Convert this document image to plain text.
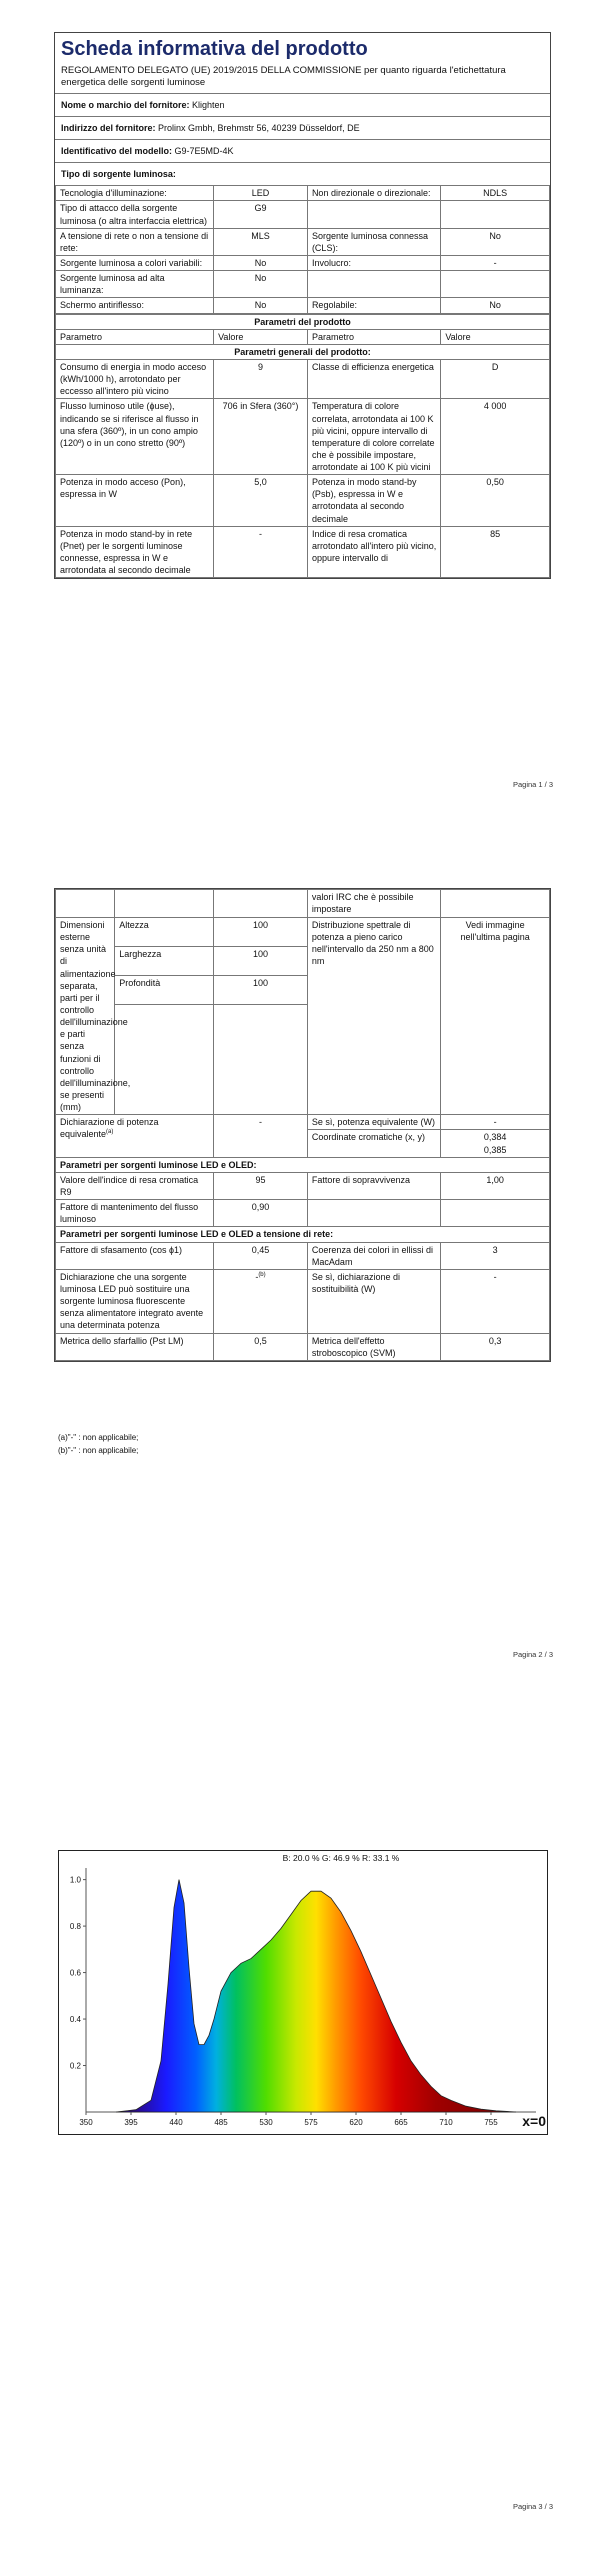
Scheda informativa del prodotto
REGOLAMENTO DELEGATO (UE) 2019/2015 DELLA COMMISSIONE per quanto riguarda l'etichettatura energetica delle sorgenti luminose
Nome o marchio del fornitore: Klighten
Indirizzo del fornitore: Prolinx Gmbh, Brehmstr 56, 40239 Düsseldorf, DE
Identificativo del modello: G9-7E5MD-4K
Tipo di sorgente luminosa:
Tecnologia d'illuminazione:	LED	Non direzionale o direzionale:	NDLS
Tipo di attacco della sorgente luminosa (o altra interfaccia elettrica)	G9		
A tensione di rete o non a tensione di rete:	MLS	Sorgente luminosa connessa (CLS):	No
Sorgente luminosa a colori variabili:	No	Involucro:	-
Sorgente luminosa ad alta luminanza:	No		
Schermo antiriflesso:	No	Regolabile:	No
Parametri del prodotto			
Parametro	Valore	Parametro	Valore
Parametri generali del prodotto:			
Consumo di energia in modo acceso (kWh/1000 h), arrotondato per eccesso all'intero più vicino	9	Classe di efficienza energetica	D
Flusso luminoso utile (ɸuse), indicando se si riferisce al flusso in una sfera (360º), in un cono ampio (120º) o in un cono stretto (90º)	706 in Sfera (360°)	Temperatura di colore correlata, arrotondata ai 100 K più vicini, oppure intervallo di temperature di colore correlate che è possibile impostare, arrotondate ai 100 K più vicini	4 000
Potenza in modo acceso (Pon), espressa in W	5,0	Potenza in modo stand-by (Psb), espressa in W e arrotondata al secondo decimale	0,50
Potenza in modo stand-by in rete (Pnet) per le sorgenti luminose connesse, espressa in W e arrotondata al secondo decimale	-	Indice di resa cromatica arrotondato all'intero più vicino, oppure intervallo di	85
Pagina 1 / 3
			valori IRC che è possibile impostare	
Dimensioni esterne senza unità di alimentazione separata, parti per il controllo dell'illuminazione e parti senza funzioni di controllo dell'illuminazione, se presenti (mm)	Altezza	100	Distribuzione spettrale di potenza a pieno carico nell'intervallo da 250 nm a 800 nm	Vedi immagine nell'ultima pagina
	Larghezza	100		
	Profondità	100		

Dichiarazione di potenza equivalente$^{(a)}$		-	Se sì, potenza equivalente (W)	-
			Coordinate cromatiche (x, y)	0,384
0,385

Parametri per sorgenti luminose LED e OLED:				
Valore dell'indice di resa cromatica R9		95	Fattore di sopravvivenza	1,00
Fattore di mantenimento del flusso luminoso		0,90		
Parametri per sorgenti luminose LED e OLED a tensione di rete:				
Fattore di sfasamento (cos ɸ1)		0,45	Coerenza dei colori in ellissi di MacAdam	3
Dichiarazione che una sorgente luminosa LED può sostituire una sorgente luminosa fluorescente senza alimentatore integrato avente una determinata potenza		-$^{(b)}$	Se sì, dichiarazione di sostituibilità (W)	-
Metrica dello sfarfallio (Pst LM)		0,5	Metrica dell'effetto stroboscopico (SVM)	0,3
(a)"-" : non applicabile;
(b)"-" : non applicabile;
Pagina 2 / 3
Pagina 3 / 3
350	395	440	485	530	575	620	665	710	755
0.2
0.4
0.6
0.8
1.0
B: 20.0 % G: 46.9 % R: 33.1 %
x=0
